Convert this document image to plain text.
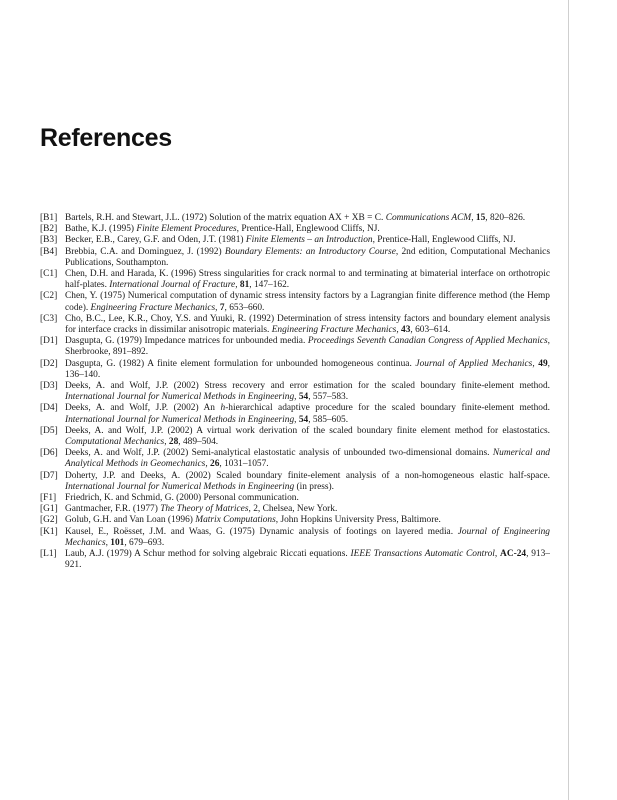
References
[B1] Bartels, R.H. and Stewart, J.L. (1972) Solution of the matrix equation AX + XB = C. Communications ACM, 15, 820–826.
[B2] Bathe, K.J. (1995) Finite Element Procedures, Prentice-Hall, Englewood Cliffs, NJ.
[B3] Becker, E.B., Carey, G.F. and Oden, J.T. (1981) Finite Elements – an Introduction, Prentice-Hall, Englewood Cliffs, NJ.
[B4] Brebbia, C.A. and Dominguez, J. (1992) Boundary Elements: an Introductory Course, 2nd edition, Computational Mechanics Publications, Southampton.
[C1] Chen, D.H. and Harada, K. (1996) Stress singularities for crack normal to and terminating at bimaterial interface on orthotropic half-plates. International Journal of Fracture, 81, 147–162.
[C2] Chen, Y. (1975) Numerical computation of dynamic stress intensity factors by a Lagrangian finite difference method (the Hemp code). Engineering Fracture Mechanics, 7, 653–660.
[C3] Cho, B.C., Lee, K.R., Choy, Y.S. and Yuuki, R. (1992) Determination of stress intensity factors and boundary element analysis for interface cracks in dissimilar anisotropic materials. Engineering Fracture Mechanics, 43, 603–614.
[D1] Dasgupta, G. (1979) Impedance matrices for unbounded media. Proceedings Seventh Canadian Congress of Applied Mechanics, Sherbrooke, 891–892.
[D2] Dasgupta, G. (1982) A finite element formulation for unbounded homogeneous continua. Journal of Applied Mechanics, 49, 136–140.
[D3] Deeks, A. and Wolf, J.P. (2002) Stress recovery and error estimation for the scaled boundary finite-element method. International Journal for Numerical Methods in Engineering, 54, 557–583.
[D4] Deeks, A. and Wolf, J.P. (2002) An h-hierarchical adaptive procedure for the scaled boundary finite-element method. International Journal for Numerical Methods in Engineering, 54, 585–605.
[D5] Deeks, A. and Wolf, J.P. (2002) A virtual work derivation of the scaled boundary finite element method for elastostatics. Computational Mechanics, 28, 489–504.
[D6] Deeks, A. and Wolf, J.P. (2002) Semi-analytical elastostatic analysis of unbounded two-dimensional domains. Numerical and Analytical Methods in Geomechanics, 26, 1031–1057.
[D7] Doherty, J.P. and Deeks, A. (2002) Scaled boundary finite-element analysis of a non-homogeneous elastic half-space. International Journal for Numerical Methods in Engineering (in press).
[F1] Friedrich, K. and Schmid, G. (2000) Personal communication.
[G1] Gantmacher, F.R. (1977) The Theory of Matrices, 2, Chelsea, New York.
[G2] Golub, G.H. and Van Loan (1996) Matrix Computations, John Hopkins University Press, Baltimore.
[K1] Kausel, E., Roësset, J.M. and Waas, G. (1975) Dynamic analysis of footings on layered media. Journal of Engineering Mechanics, 101, 679–693.
[L1] Laub, A.J. (1979) A Schur method for solving algebraic Riccati equations. IEEE Transactions Automatic Control, AC-24, 913–921.
